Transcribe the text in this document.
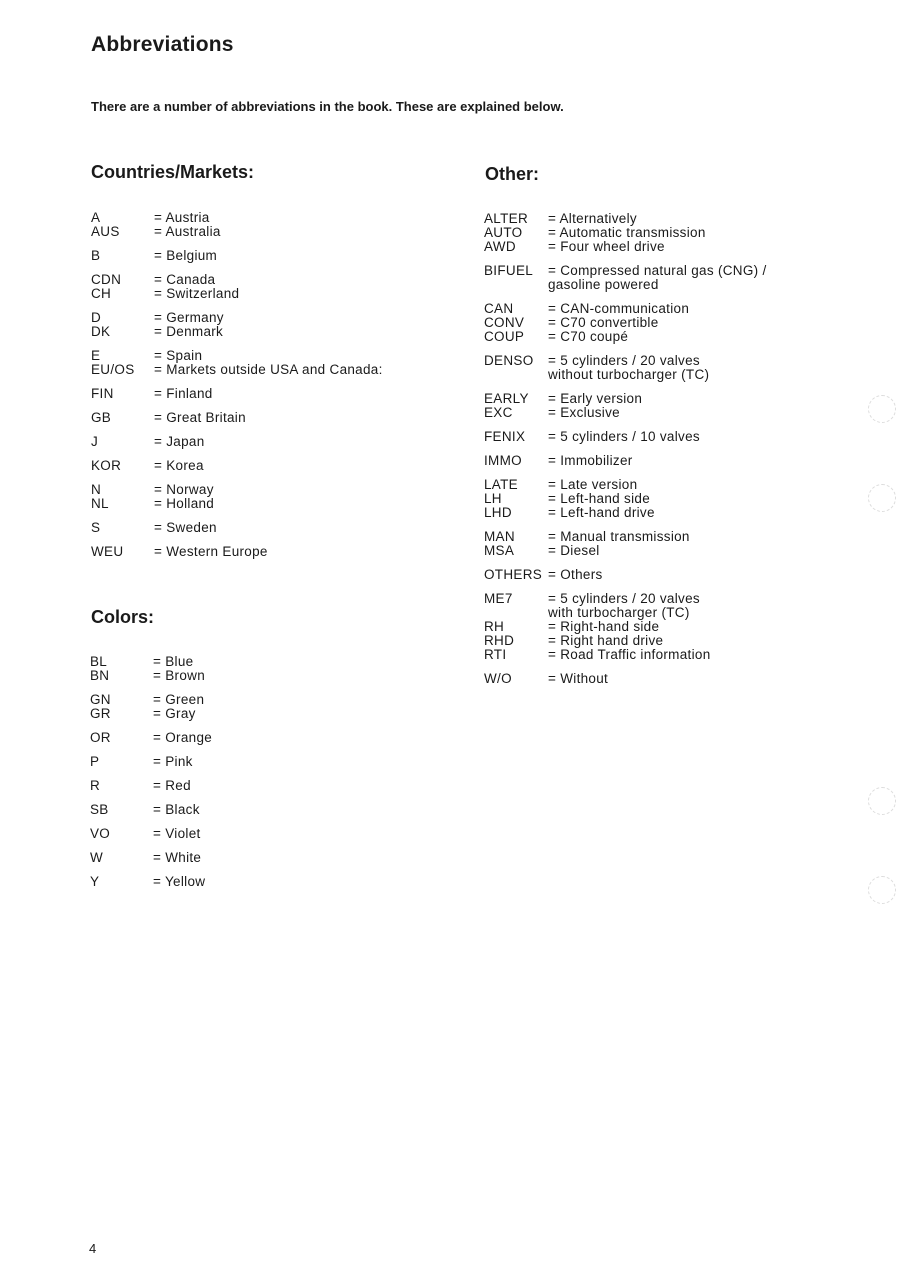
Abbreviations

There are a number of abbreviations in the book. These are explained below.

Countries/Markets:
A	= Austria
AUS	= Australia
B	= Belgium
CDN	= Canada
CH	= Switzerland
D	= Germany
DK	= Denmark
E	= Spain
EU/OS	= Markets outside USA and Canada:
FIN	= Finland
GB	= Great Britain
J	= Japan
KOR	= Korea
N	= Norway
NL	= Holland
S	= Sweden
WEU	= Western Europe
Colors:
BL	= Blue
BN	= Brown
GN	= Green
GR	= Gray
OR	= Orange
P	= Pink
R	= Red
SB	= Black
VO	= Violet
W	= White
Y	= Yellow
Other:
ALTER	= Alternatively
AUTO	= Automatic transmission
AWD	= Four wheel drive
BIFUEL	= Compressed natural gas (CNG) /
gasoline powered
CAN	= CAN-communication
CONV	= C70 convertible
COUP	= C70 coupé
DENSO	= 5 cylinders / 20 valves
without turbocharger (TC)
EARLY	= Early version
EXC	= Exclusive
FENIX	= 5 cylinders / 10 valves
IMMO	= Immobilizer
LATE	= Late version
LH	= Left-hand side
LHD	= Left-hand drive
MAN	= Manual transmission
MSA	= Diesel
OTHERS = Others
ME7	= 5 cylinders / 20 valves
with turbocharger (TC)
RH	= Right-hand side
RHD	= Right hand drive
RTI	= Road Traffic information
W/O	= Without
4
